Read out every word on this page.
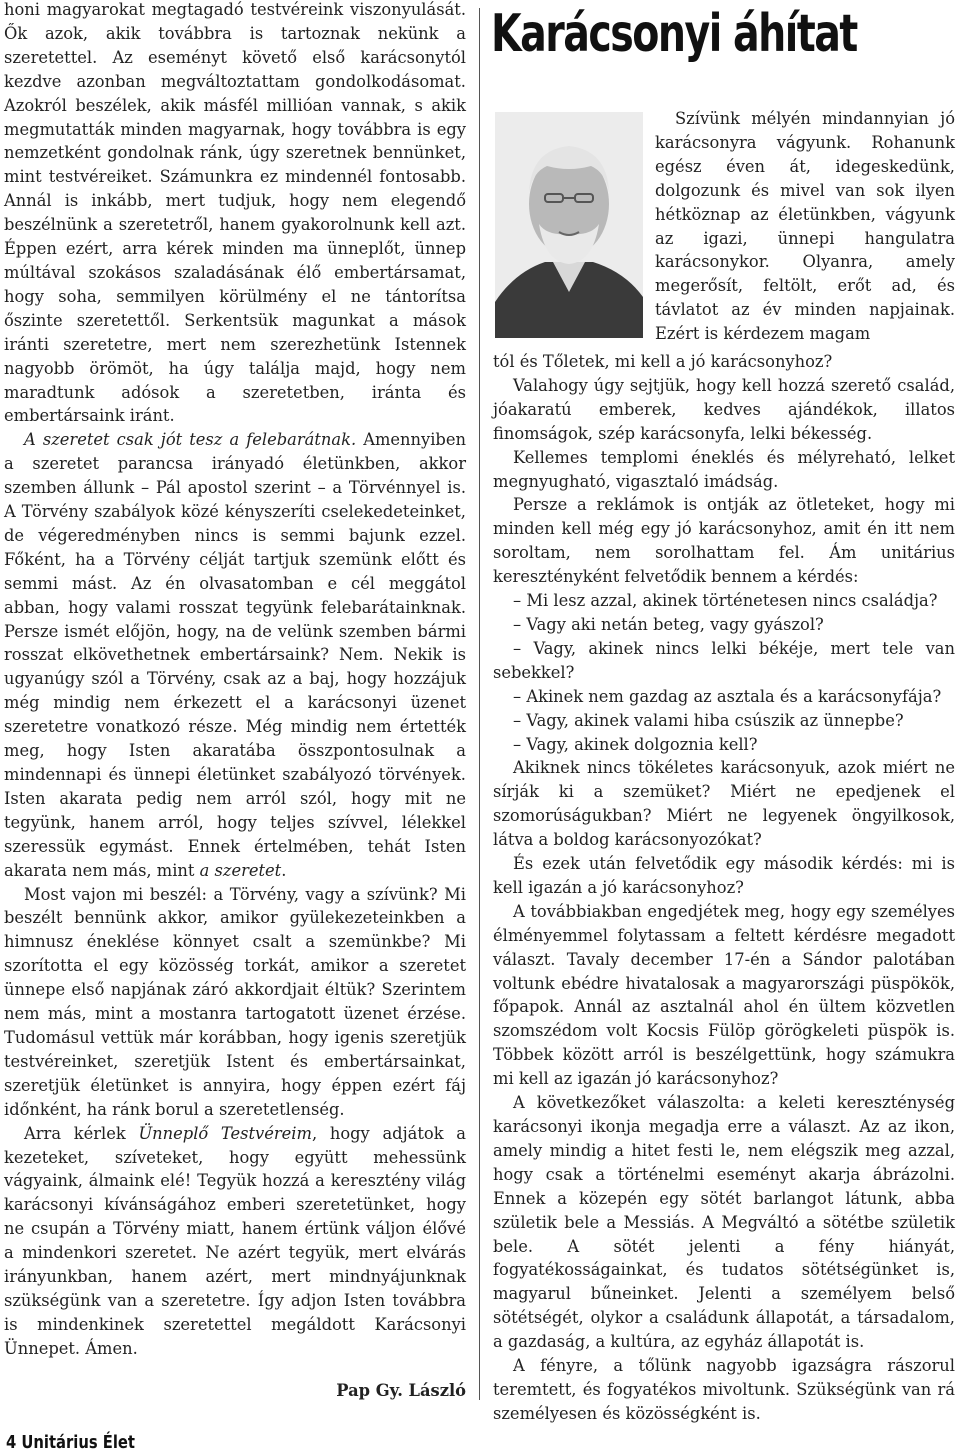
Karácsonyi áhítat

Szívünk mélyén mindannyian jó karácsonyra vágyunk. Rohanunk egész éven át, idegeskedünk, dolgozunk és mivel van sok ilyen hétköznap az életünkben, vágyunk az igazi, ünnepi hangulatra karácsonykor. Olyanra, amely megerősít, feltölt, erőt ad, és távlatot az év minden napjainak. Ezért is kérdezem magam

honi magyarokat megtagadó testvéreink viszonyulását. Ők azok, akik továbbra is tartoznak nekünk a szeretettel. Az eseményt követő első karácsonytól kezdve azonban megváltoztattam gondolkodásomat. Azokról beszélek, akik másfél millióan vannak, s akik megmutatták minden magyarnak, hogy továbbra is egy nemzetként gondolnak ránk, úgy szeretnek bennünket, mint testvéreiket. Számunkra ez mindennél fontosabb. Annál is inkább, mert tudjuk, hogy nem elegendő beszélnünk a szeretetről, hanem gyakorolnunk kell azt. Éppen ezért, arra kérek minden ma ünneplőt, ünnep múltával szokásos szaladásának élő embertársamat, hogy soha, semmilyen körülmény el ne tántorítsa őszinte szeretettől. Serkentsük magunkat a mások iránti szeretetre, mert nem szerezhetünk Istennek nagyobb örömöt, ha úgy találja majd, hogy nem maradtunk adósok a szeretetben, iránta és embertársaink iránt.

A szeretet csak jót tesz a felebarátnak. Amennyiben a szeretet parancsa irányadó életünkben, akkor szemben állunk – Pál apostol szerint – a Törvénnyel is. A Törvény szabályok közé kényszeríti cselekedeteinket, de végeredményben nincs is semmi bajunk ezzel. Főként, ha a Törvény célját tartjuk szemünk előtt és semmi mást. Az én olvasatomban e cél meggátol abban, hogy valami rosszat tegyünk felebarátainknak. Persze ismét előjön, hogy, na de velünk szemben bármi rosszat elkövethetnek embertársaink? Nem. Nekik is ugyanúgy szól a Törvény, csak az a baj, hogy hozzájuk még mindig nem érkezett el a karácsonyi üzenet szeretetre vonatkozó része. Még mindig nem értették meg, hogy Isten akaratába összpontosulnak a mindennapi és ünnepi életünket szabályozó törvények. Isten akarata pedig nem arról szól, hogy mit ne tegyünk, hanem arról, hogy teljes szívvel, lélekkel szeressük egymást. Ennek értelmében, tehát Isten akarata nem más, mint a szeretet.

Most vajon mi beszél: a Törvény, vagy a szívünk? Mi beszélt bennünk akkor, amikor gyülekezeteinkben a himnusz éneklése könnyet csalt a szemünkbe? Mi szorította el egy közösség torkát, amikor a szeretet ünnepe első napjának záró akkordjait éltük? Szerintem nem más, mint a mostanra tartogatott üzenet érzése. Tudomásul vettük már korábban, hogy igenis szeretjük testvéreinket, szeretjük Istent és embertársainkat, szeretjük életünket is annyira, hogy éppen ezért fáj időnként, ha ránk borul a szeretetlenség.

Arra kérlek Ünneplő Testvéreim, hogy adjátok a kezeteket, szíveteket, hogy együtt mehessünk vágyaink, álmaink elé! Tegyük hozzá a keresztény világ karácsonyi kívánságához emberi szeretetünket, hogy ne csupán a Törvény miatt, hanem értünk váljon élővé a mindenkori szeretet. Ne azért tegyük, mert elvárás irányunkban, hanem azért, mert mindnyájunknak szükségünk van a szeretetre. Így adjon Isten továbbra is mindenkinek szeretettel megáldott Karácsonyi Ünnepet. Ámen.

Pap Gy. László

tól és Tőletek, mi kell a jó karácsonyhoz?

Valahogy úgy sejtjük, hogy kell hozzá szerető család, jóakaratú emberek, kedves ajándékok, illatos finomságok, szép karácsonyfa, lelki békesség.

Kellemes templomi éneklés és mélyreható, lelket megnyugható, vigasztaló imádság.

Persze a reklámok is ontják az ötleteket, hogy mi minden kell még egy jó karácsonyhoz, amit én itt nem soroltam, nem sorolhattam fel. Ám unitárius keresztényként felvetődik bennem a kérdés:

– Mi lesz azzal, akinek történetesen nincs családja?

– Vagy aki netán beteg, vagy gyászol?

– Vagy, akinek nincs lelki békéje, mert tele van sebekkel?

– Akinek nem gazdag az asztala és a karácsonyfája?

– Vagy, akinek valami hiba csúszik az ünnepbe?

– Vagy, akinek dolgoznia kell?

Akiknek nincs tökéletes karácsonyuk, azok miért ne sírják ki a szemüket? Miért ne epedjenek el szomorúságukban? Miért ne legyenek öngyilkosok, látva a boldog karácsonyozókat?

És ezek után felvetődik egy második kérdés: mi is kell igazán a jó karácsonyhoz?

A továbbiakban engedjétek meg, hogy egy személyes élményemmel folytassam a feltett kérdésre megadott választ. Tavaly december 17-én a Sándor palotában voltunk ebédre hivatalosak a magyarországi püspökök, főpapok. Annál az asztalnál ahol én ültem közvetlen szomszédom volt Kocsis Fülöp görögkeleti püspök is. Többek között arról is beszélgettünk, hogy számukra mi kell az igazán jó karácsonyhoz?

A következőket válaszolta: a keleti kereszténység karácsonyi ikonja megadja erre a választ. Az az ikon, amely mindig a hitet festi le, nem elégszik meg azzal, hogy csak a történelmi eseményt akarja ábrázolni. Ennek a közepén egy sötét barlangot látunk, abba születik bele a Messiás. A Megváltó a sötétbe születik bele. A sötét jelenti a fény hiányát, fogyatékosságainkat, és tudatos sötétségünket is, magyarul bűneinket. Jelenti a személyem belső sötétségét, olykor a családunk állapotát, a társadalom, a gazdaság, a kultúra, az egyház állapotát is.

A fényre, a tőlünk nagyobb igazságra rászorul teremtett, és fogyatékos mivoltunk. Szükségünk van rá személyesen és közösségként is.

4 Unitárius Élet
